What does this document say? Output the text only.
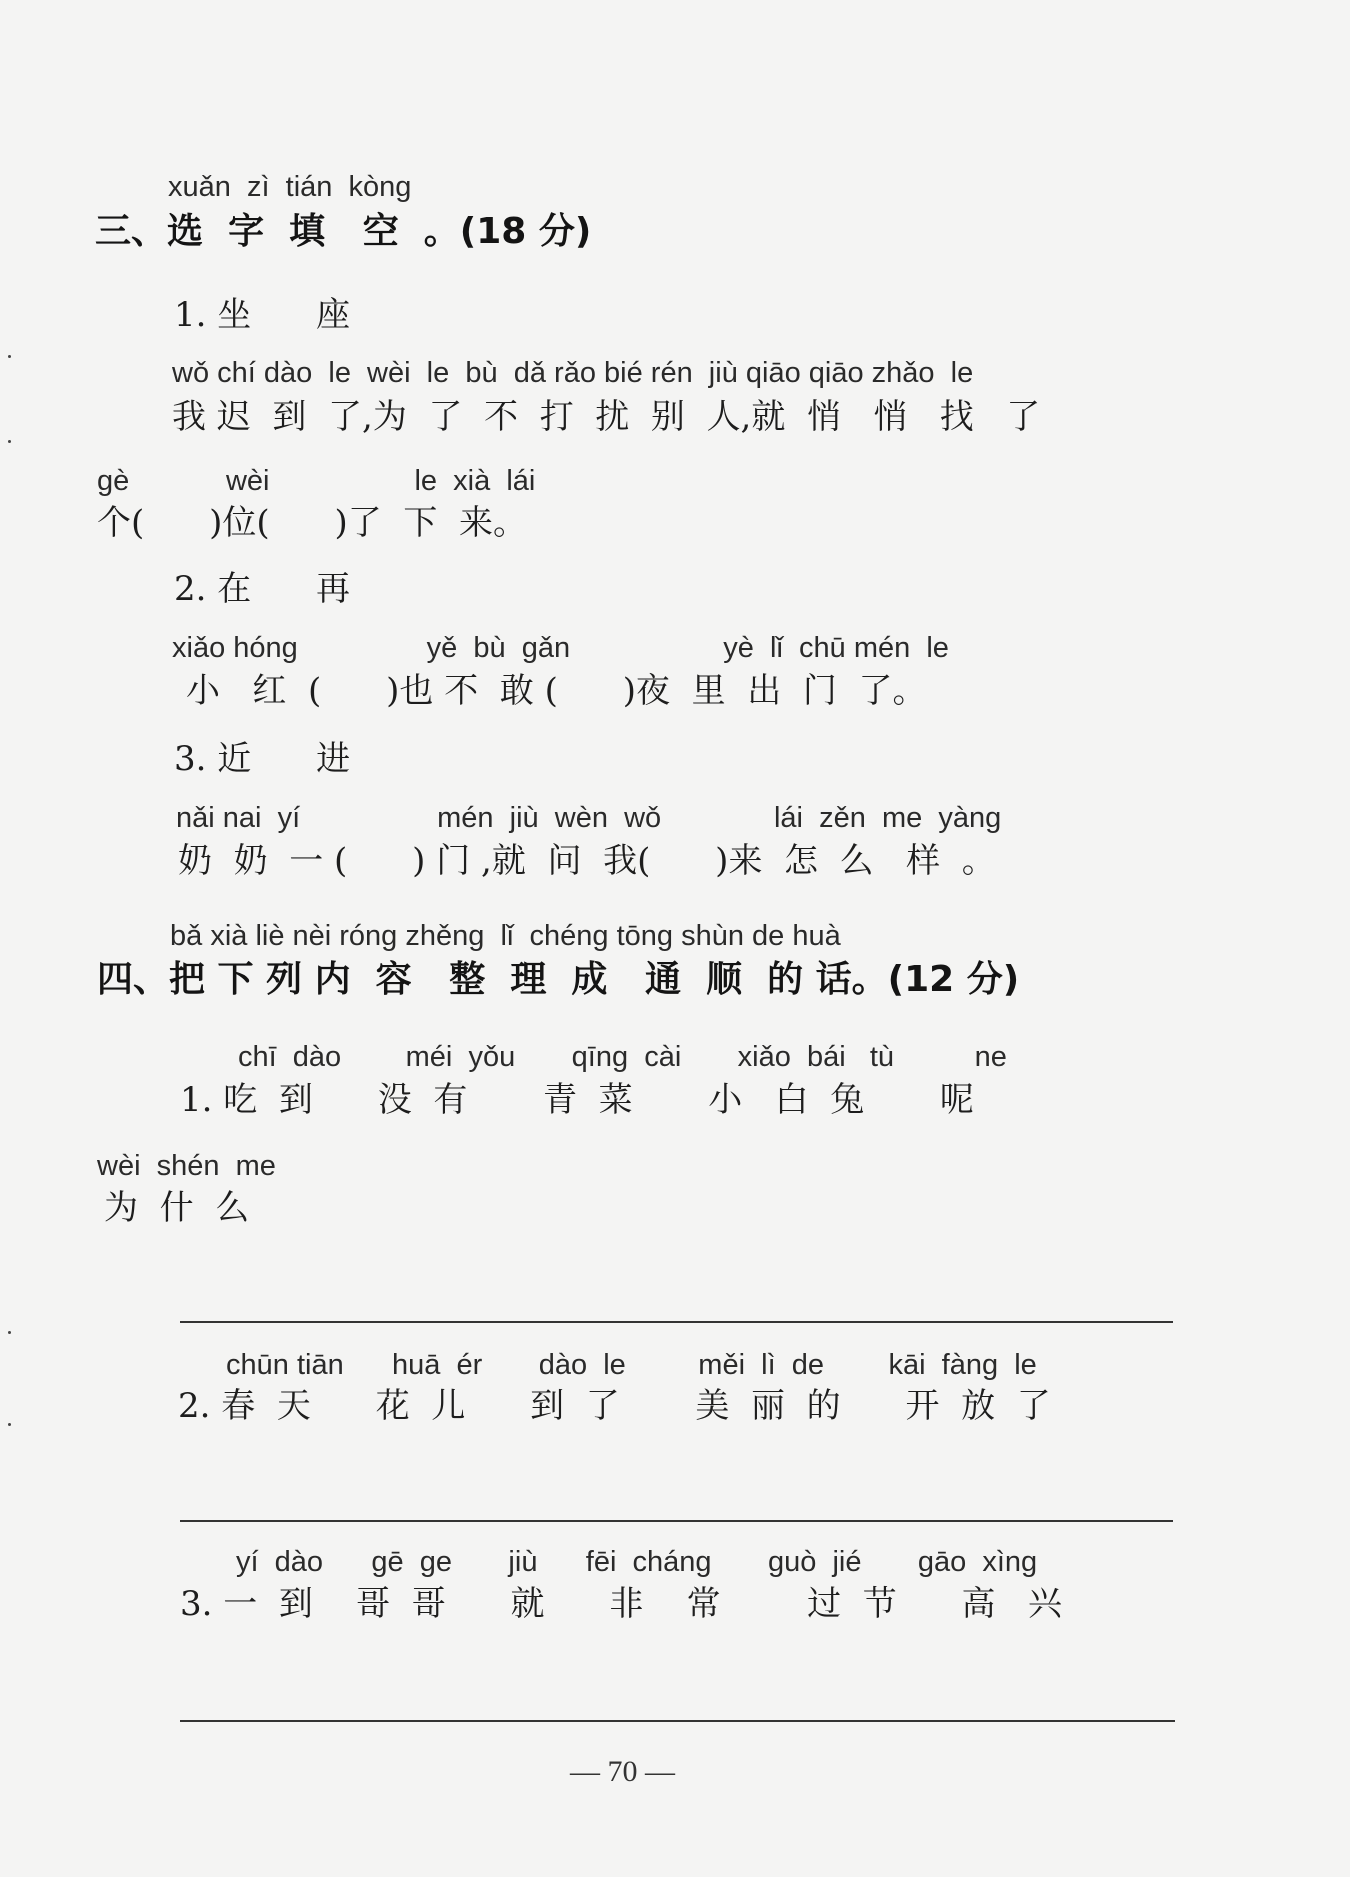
xuǎn  zì  tián  kòng
三、选  字  填   空  。(18 分)
1. 坐      座
wǒ chí dào  le  wèi  le  bù  dǎ rǎo bié rén  jiù qiāo qiāo zhǎo  le
我 迟  到  了,为  了  不  打  扰  别  人,就  悄   悄   找   了
gè            wèi                  le  xià  lái
个(      )位(      )了  下  来。
2. 在      再
xiǎo hóng                yě  bù  gǎn                   yè  lǐ  chū mén  le
小   红  (      )也 不  敢 (      )夜  里  出  门  了。
3. 近      进
nǎi nai  yí                 mén  jiù  wèn  wǒ              lái  zěn  me  yàng
奶  奶  一 (      ) 门 ,就  问  我(      )来  怎  么   样  。
bǎ xià liè nèi róng zhěng  lǐ  chéng tōng shùn de huà
四、把 下 列 内  容   整  理  成   通  顺  的 话。(12 分)
chī  dào        méi  yǒu       qīng  cài       xiǎo  bái   tù          ne
1. 吃  到      没  有       青  菜       小   白  兔       呢
wèi  shén  me
为  什  么
chūn tiān      huā  ér       dào  le         měi  lì  de        kāi  fàng  le
2. 春  天      花  儿      到  了       美  丽  的      开  放  了
yí  dào      gē  ge       jiù      fēi  cháng       guò  jié       gāo  xìng
3. 一  到    哥  哥      就      非    常        过  节      高   兴
— 70 —
